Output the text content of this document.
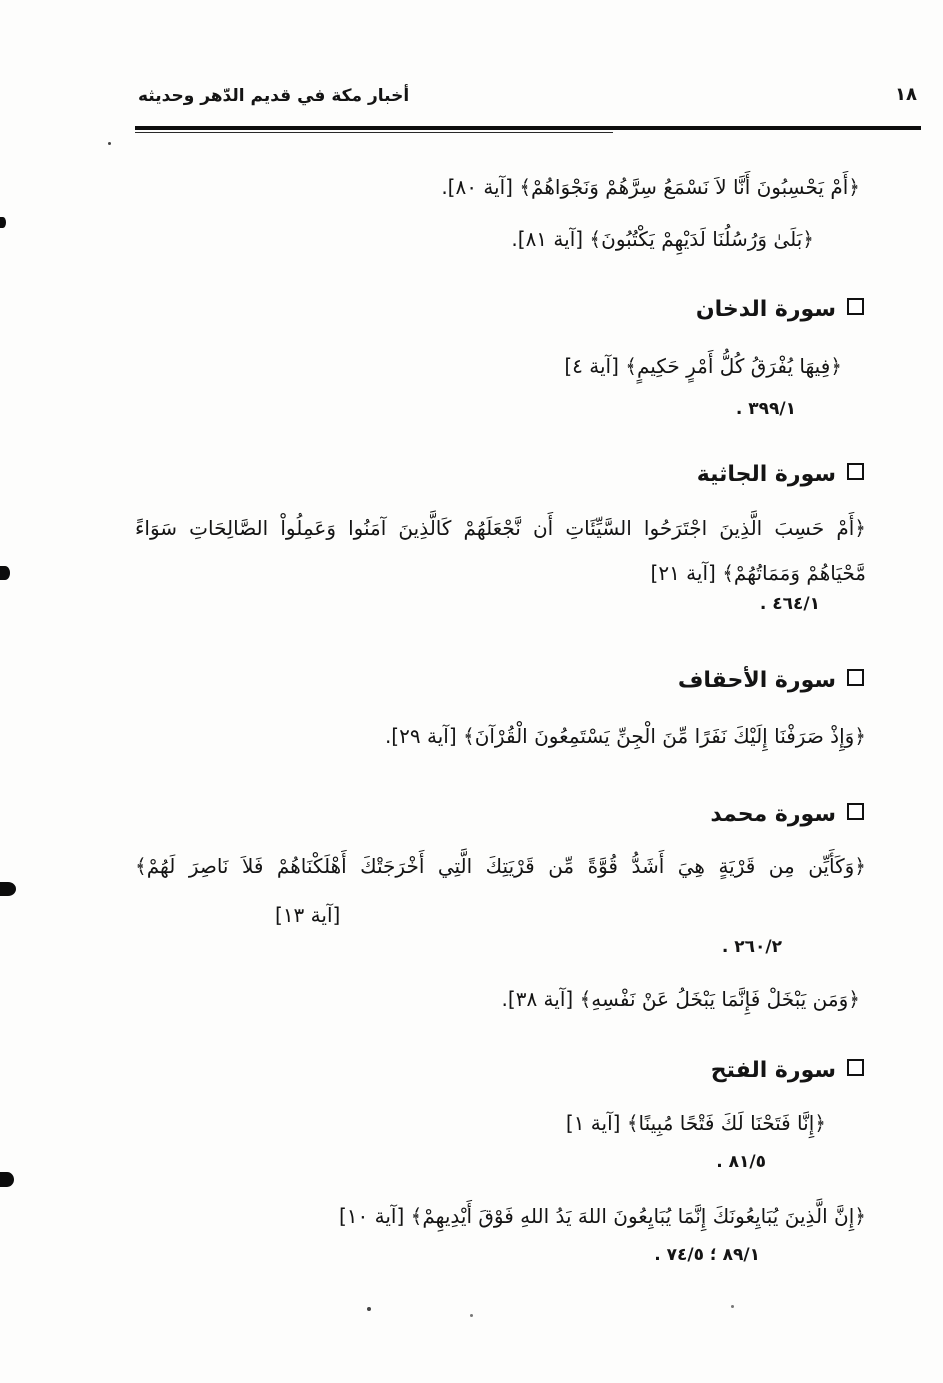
أخبار مكة في قديم الدّهر وحديثه	١٨
﴿أَمْ يَحْسِبُونَ أَنَّا لاَ نَسْمَعُ سِرَّهُمْ وَنَجْوَاهُمْ﴾ [آية ٨٠].
﴿بَلَىٰ وَرُسُلُنَا لَدَيْهِمْ يَكْتُبُونَ﴾ [آية ٨١].
سورة الدخان
﴿فِيهَا يُفْرَقُ كُلُّ أَمْرٍ حَكِيمٍ﴾ [آية ٤]
٣٩٩/١ .
سورة الجاثية
﴿أَمْ حَسِبَ الَّذِينَ اجْتَرَحُوا السَّيِّئَاتِ أَن نَّجْعَلَهُمْ كَالَّذِينَ آمَنُوا وَعَمِلُواْ الصَّالِحَاتِ سَوَاءً
مَّحْيَاهُمْ وَمَمَاتُهُمْ﴾ [آية ٢١]
٤٦٤/١ .
سورة الأحقاف
﴿وَإِذْ صَرَفْنَا إِلَيْكَ نَفَرًا مِّنَ الْجِنِّ يَسْتَمِعُونَ الْقُرْآنَ﴾ [آية ٢٩].
سورة محمد
﴿وَكَأَيِّن مِن قَرْيَةٍ هِيَ أَشَدُّ قُوَّةً مِّن قَرْيَتِكَ الَّتِي أَخْرَجَتْكَ أَهْلَكْنَاهُمْ فَلاَ نَاصِرَ لَهُمْ﴾
[آية ١٣]
٢٦٠/٢ .
﴿وَمَن يَبْخَلْ فَإِنَّمَا يَبْخَلُ عَنْ نَفْسِهِ﴾ [آية ٣٨].
سورة الفتح
﴿إِنَّا فَتَحْنَا لَكَ فَتْحًا مُبِينًا﴾ [آية ١]
٨١/٥ .
﴿إِنَّ الَّذِينَ يُبَايِعُونَكَ إِنَّمَا يُبَايِعُونَ اللهَ يَدُ اللهِ فَوْقَ أَيْدِيهِمْ﴾ [آية ١٠]
٨٩/١ ؛ ٧٤/٥ .
